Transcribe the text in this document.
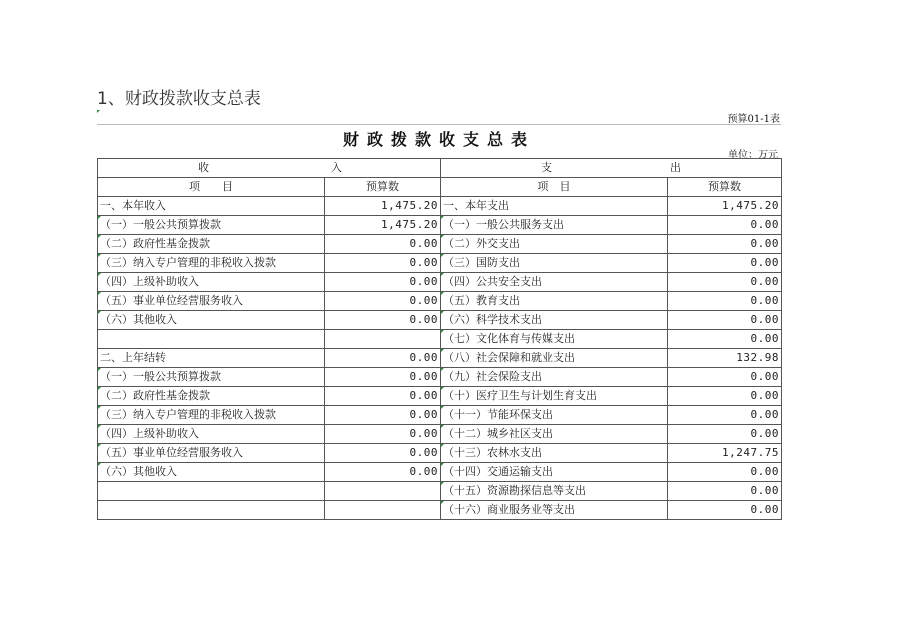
1、财政拨款收支总表
预算01-1表
财政拨款收支总表
单位：万元
收 入		支 出	

项　　目	预算数	项　目	预算数
一、本年收入	1,475.20	一、本年支出	1,475.20
（一）一般公共预算拨款	1,475.20	（一）一般公共服务支出	0.00
（二）政府性基金拨款	0.00	（二）外交支出	0.00
（三）纳入专户管理的非税收入拨款	0.00	（三）国防支出	0.00
（四）上级补助收入	0.00	（四）公共安全支出	0.00
（五）事业单位经营服务收入	0.00	（五）教育支出	0.00
（六）其他收入	0.00	（六）科学技术支出	0.00
		（七）文化体育与传媒支出	0.00
二、上年结转	0.00	（八）社会保障和就业支出	132.98
（一）一般公共预算拨款	0.00	（九）社会保险支出	0.00
（二）政府性基金拨款	0.00	（十）医疗卫生与计划生育支出	0.00
（三）纳入专户管理的非税收入拨款	0.00	（十一）节能环保支出	0.00
（四）上级补助收入	0.00	（十二）城乡社区支出	0.00
（五）事业单位经营服务收入	0.00	（十三）农林水支出	1,247.75
（六）其他收入	0.00	（十四）交通运输支出	0.00
		（十五）资源勘探信息等支出	0.00
		（十六）商业服务业等支出	0.00
